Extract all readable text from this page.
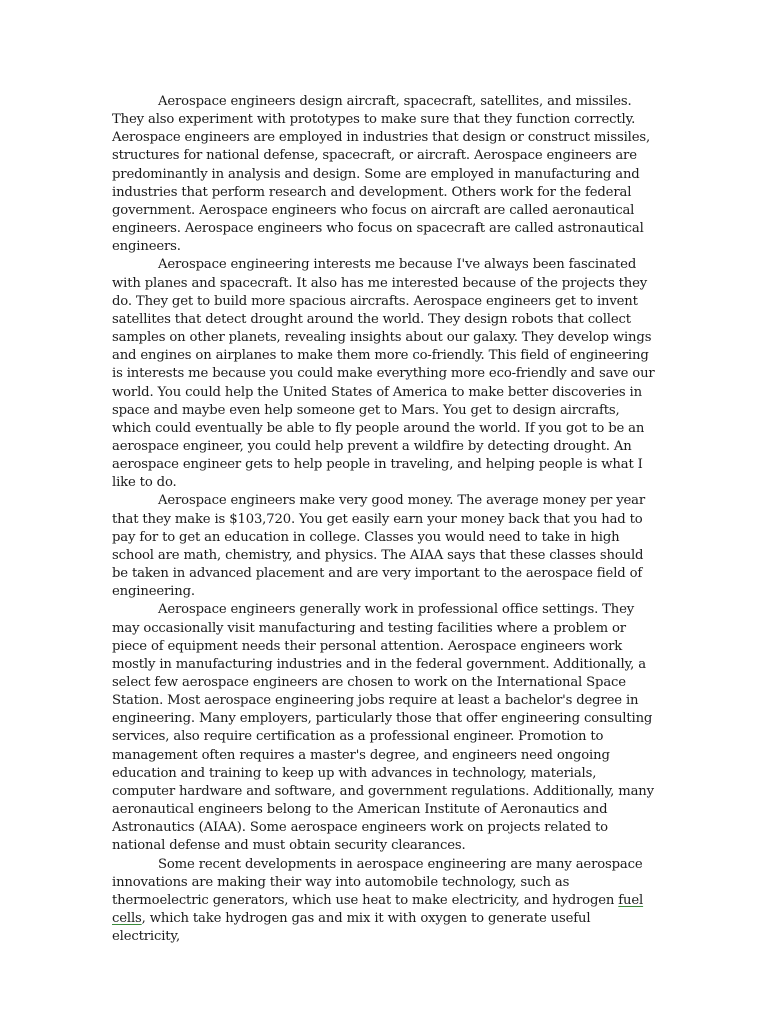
Aerospace engineers design aircraft, spacecraft, satellites, and missiles. They also experiment with prototypes to make sure that they function correctly. Aerospace engineers are employed in industries that design or construct missiles, structures for national defense, spacecraft, or aircraft. Aerospace engineers are predominantly in analysis and design. Some are employed in manufacturing and industries that perform research and development. Others work for the federal government. Aerospace engineers who focus on aircraft are called aeronautical engineers. Aerospace engineers who focus on spacecraft are called astronautical engineers.

Aerospace engineering interests me because I've always been fascinated with planes and spacecraft. It also has me interested because of the projects they do. They get to build more spacious aircrafts. Aerospace engineers get to invent satellites that detect drought around the world. They design robots that collect samples on other planets, revealing insights about our galaxy. They develop wings and engines on airplanes to make them more co-friendly. This field of engineering is interests me because you could make everything more eco-friendly and save our world. You could help the United States of America to make better discoveries in space and maybe even help someone get to Mars. You get to design aircrafts, which could eventually be able to fly people around the world. If you got to be an aerospace engineer, you could help prevent a wildfire by detecting drought. An aerospace engineer gets to help people in traveling, and helping people is what I like to do.

Aerospace engineers make very good money. The average money per year that they make is $103,720. You get easily earn your money back that you had to pay for to get an education in college. Classes you would need to take in high school are math, chemistry, and physics. The AIAA says that these classes should be taken in advanced placement and are very important to the aerospace field of engineering.

Aerospace engineers generally work in professional office settings. They may occasionally visit manufacturing and testing facilities where a problem or piece of equipment needs their personal attention. Aerospace engineers work mostly in manufacturing industries and in the federal government. Additionally, a select few aerospace engineers are chosen to work on the International Space Station. Most aerospace engineering jobs require at least a bachelor's degree in engineering. Many employers, particularly those that offer engineering consulting services, also require certification as a professional engineer. Promotion to management often requires a master's degree, and engineers need ongoing education and training to keep up with advances in technology, materials, computer hardware and software, and government regulations. Additionally, many aeronautical engineers belong to the American Institute of Aeronautics and Astronautics (AIAA). Some aerospace engineers work on projects related to national defense and must obtain security clearances.

Some recent developments in aerospace engineering are many aerospace innovations are making their way into automobile technology, such as thermoelectric generators, which use heat to make electricity, and hydrogen fuel cells, which take hydrogen gas and mix it with oxygen to generate useful electricity,
